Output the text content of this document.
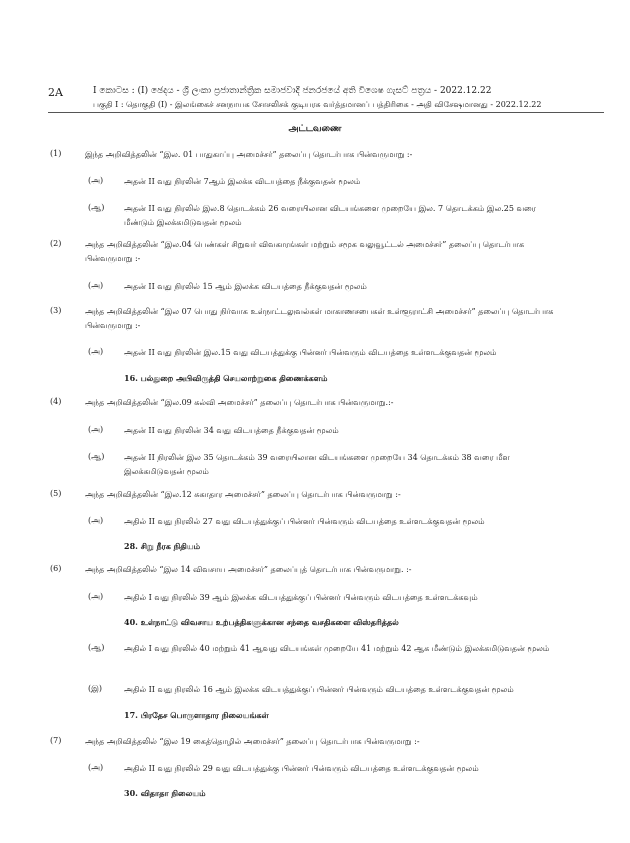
2A	I කොටස : (I) ඡෙදය - ශ්‍රී ලංකා ප්‍රජාතාන්ත්‍රික සමාජවාදී ජනරජයේ අති විශෙෂ ගැසට් පත්‍රය - 2022.12.22
பகுதி I : தொகுதி (I) - இலங்கைச் சனநாயக சோசலிசக் குடியரசு வர்த்தமானப் பத்திரிகை - அதி விசேஷமானது - 2022.12.22
அட்டவணை
(1)	இந்த அறிவித்தலின் “இல. 01 பாதுகாப்பு அமைச்சர்” தலைப்பு தொடர்பாக பின்வருமாறு :-
(அ)	அதன் II வது நிரலின் 7ஆம் இலக்க விடயத்தை நீக்குவதன் மூலம்
(ஆ) அதன் II வது நிரலில் இல.8 தொடக்கம் 26 வரையிலான விடயங்களை முறையே இல. 7 தொடக்கம் இல.25 வரை மீண்டும் இலக்கமிடுவதன் மூலம்
(2)	அந்த அறிவித்தலின் “இல.04 பெண்கள் சிறுவர் விவகாரங்கள் மற்றும் சமூக வலுவூட்டல் அமைச்சர்” தலைப்பு தொடர்பாக பின்வருமாறு :-
(அ)	அதன் II வது நிரலில் 15 ஆம் இலக்க விடயத்தை நீக்குவதன் மூலம்
(3)	அந்த அறிவித்தலின் “இல 07 பொது நிர்வாக உள்நாட்டலுவல்கள் மாகாணசபைகள் உள்ளூராட்சி அமைச்சர்” தலைப்பு தொடர்பாக பின்வருமாறு :-
(அ)	அதன் II வது நிரலின் இல.15 வது விடயத்துக்கு பின்னர் பின்வரும் விடயத்தை உள்ளடக்குவதன் மூலம்
16. பல்துறை அபிவிருத்தி செயலாற்றுகை திணைக்களம்
(4)	அந்த அறிவித்தலின் “இல.09 கல்வி அமைச்சர்” தலைப்பு தொடர்பாக பின்வருமாறு.:-
(அ)	அதன் II வது நிரலின் 34 வது விடயத்தை நீக்குவதன் மூலம்
(ஆ) அதன் II நிரலின் இல 35 தொடக்கம் 39 வரையிலான விடயங்களை முறையே 34 தொடக்கம் 38 வரை மீள இலக்கமிடுவதன் மூலம்
(5)	அந்த அறிவித்தலின் “இல.12 சுகாதார அமைச்சர்” தலைப்பு தொடர்பாக பின்வருமாறு :-
(அ)	அதில் II வது நிரலில் 27 வது விடயத்துக்குப் பின்னர் பின்வரும் விடயத்தை உள்ளடக்குவதன் மூலம்
28. சிறு நீரக நிதியம்
(6)	அந்த அறிவித்தலில் “இல 14 விவசாய அமைச்சர்” தலைப்புத் தொடர்பாக பின்வருமாறு. :-
(அ)	அதில் I வது நிரலில் 39 ஆம் இலக்க விடயத்துக்குப் பின்னர் பின்வரும் விடயத்தை உள்ளடக்கவும்
40. உள்நாட்டு விவசாய உற்பத்திகளுக்கான சந்தை வசதிகளை விஸ்தரித்தல்
(ஆ) அதில் I வது நிரலில் 40 மற்றும் 41 ஆவது விடயங்கள் முறையே 41 மற்றும் 42 ஆக மீண்டும் இலக்கமிடுவதன் மூலம்
(இ)	அதில் II வது நிரலில் 16 ஆம் இலக்க விடயத்துக்குப் பின்னர் பின்வரும் விடயத்தை உள்ளடக்குவதன் மூலம்
17. பிரதேச பொருளாதார நிலையங்கள்
(7)	அந்த அறிவித்தலில் “இல 19 கைத்தொழில் அமைச்சர்” தலைப்பு தொடர்பாக பின்வருமாறு :-
(அ)	அதில் II வது நிரலில் 29 வது விடயத்துக்கு பின்னர் பின்வரும் விடயத்தை உள்ளடக்குவதன் மூலம்
30. விதாதா நிலையம்
